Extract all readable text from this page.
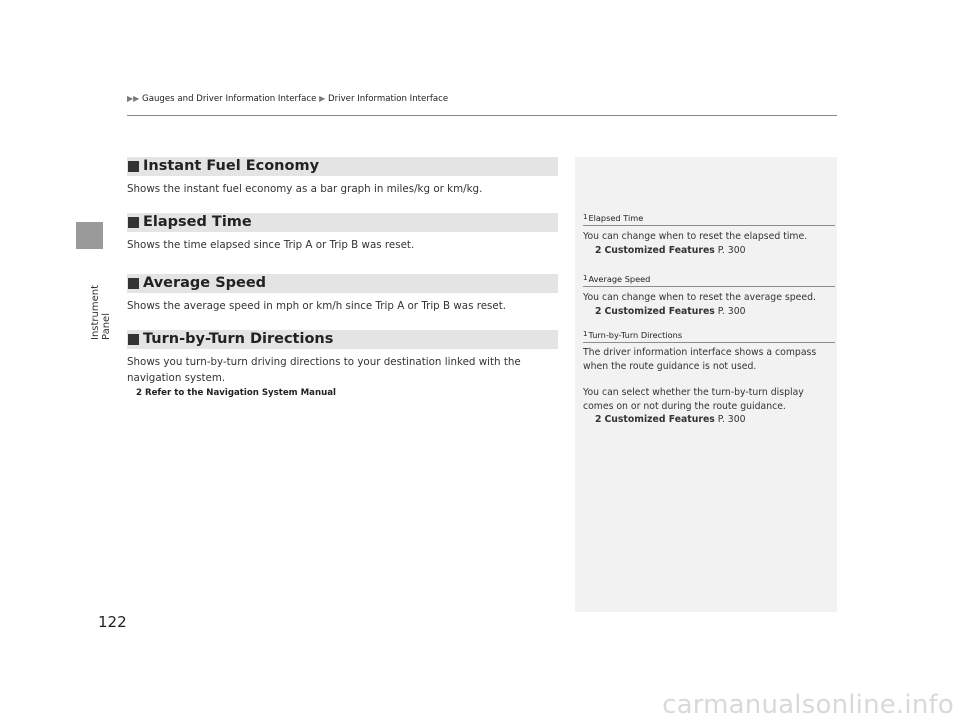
Instrument Panel
▶▶ Gauges and Driver Information Interface ▶ Driver Information Interface
Instant Fuel Economy
Shows the instant fuel economy as a bar graph in miles/kg or km/kg.
Elapsed Time
Shows the time elapsed since Trip A or Trip B was reset.
Average Speed
Shows the average speed in mph or km/h since Trip A or Trip B was reset.
Turn-by-Turn Directions
Shows you turn-by-turn driving directions to your destination linked with the navigation system.
2 Refer to the Navigation System Manual
1Elapsed Time

You can change when to reset the elapsed time.

2 Customized Features P. 300

1Average Speed

You can change when to reset the average speed.

2 Customized Features P. 300

1Turn-by-Turn Directions

The driver information interface shows a compass when the route guidance is not used.

You can select whether the turn-by-turn display comes on or not during the route guidance.

2 Customized Features P. 300

122
carmanualsonline.info
